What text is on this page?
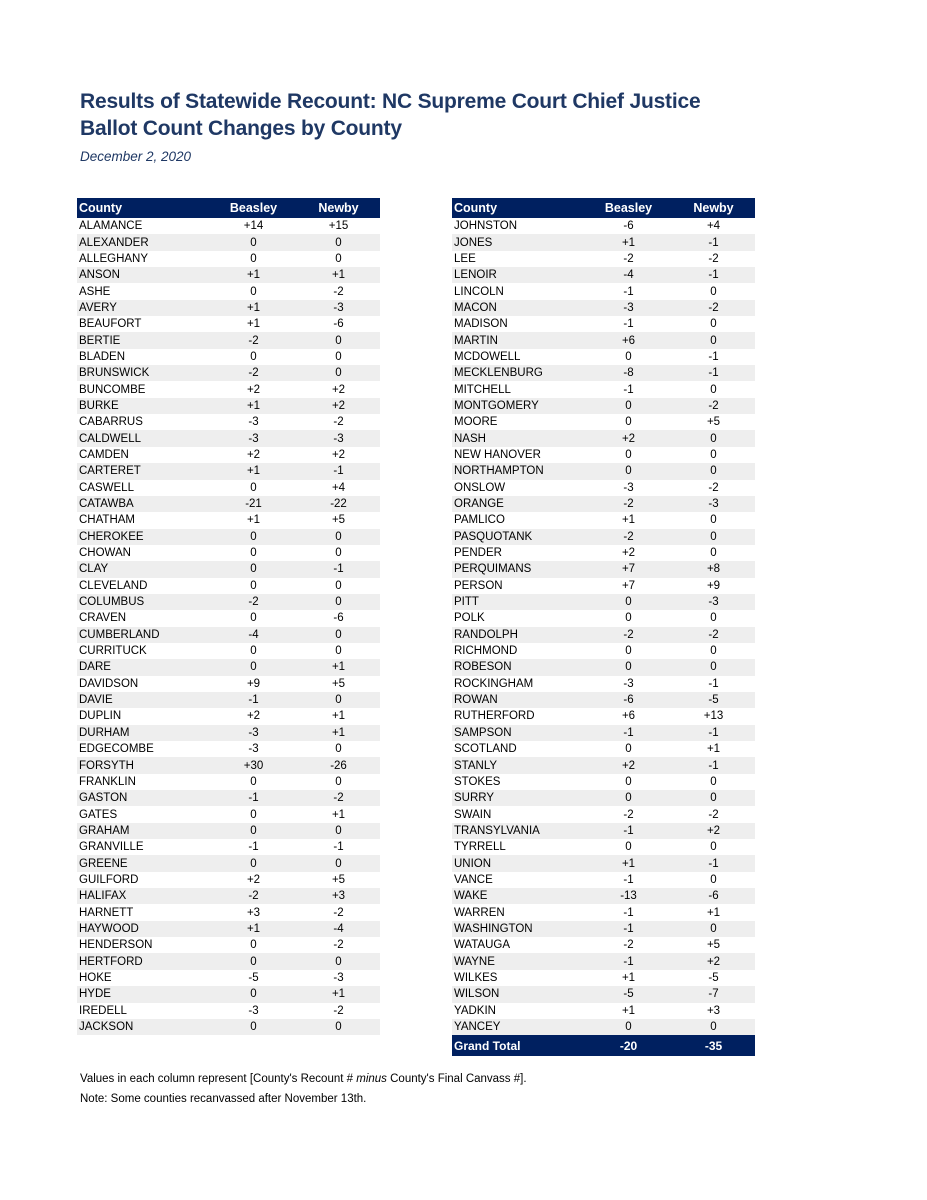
Results of Statewide Recount: NC Supreme Court Chief Justice
Ballot Count Changes by County
December 2, 2020
County	Beasley	Newby
ALAMANCE	+14	+15
ALEXANDER	0	0
ALLEGHANY	0	0
ANSON	+1	+1
ASHE	0	-2
AVERY	+1	-3
BEAUFORT	+1	-6
BERTIE	-2	0
BLADEN	0	0
BRUNSWICK	-2	0
BUNCOMBE	+2	+2
BURKE	+1	+2
CABARRUS	-3	-2
CALDWELL	-3	-3
CAMDEN	+2	+2
CARTERET	+1	-1
CASWELL	0	+4
CATAWBA	-21	-22
CHATHAM	+1	+5
CHEROKEE	0	0
CHOWAN	0	0
CLAY	0	-1
CLEVELAND	0	0
COLUMBUS	-2	0
CRAVEN	0	-6
CUMBERLAND	-4	0
CURRITUCK	0	0
DARE	0	+1
DAVIDSON	+9	+5
DAVIE	-1	0
DUPLIN	+2	+1
DURHAM	-3	+1
EDGECOMBE	-3	0
FORSYTH	+30	-26
FRANKLIN	0	0
GASTON	-1	-2
GATES	0	+1
GRAHAM	0	0
GRANVILLE	-1	-1
GREENE	0	0
GUILFORD	+2	+5
HALIFAX	-2	+3
HARNETT	+3	-2
HAYWOOD	+1	-4
HENDERSON	0	-2
HERTFORD	0	0
HOKE	-5	-3
HYDE	0	+1
IREDELL	-3	-2
JACKSON	0	0
County	Beasley	Newby
JOHNSTON	-6	+4
JONES	+1	-1
LEE	-2	-2
LENOIR	-4	-1
LINCOLN	-1	0
MACON	-3	-2
MADISON	-1	0
MARTIN	+6	0
MCDOWELL	0	-1
MECKLENBURG	-8	-1
MITCHELL	-1	0
MONTGOMERY	0	-2
MOORE	0	+5
NASH	+2	0
NEW HANOVER	0	0
NORTHAMPTON	0	0
ONSLOW	-3	-2
ORANGE	-2	-3
PAMLICO	+1	0
PASQUOTANK	-2	0
PENDER	+2	0
PERQUIMANS	+7	+8
PERSON	+7	+9
PITT	0	-3
POLK	0	0
RANDOLPH	-2	-2
RICHMOND	0	0
ROBESON	0	0
ROCKINGHAM	-3	-1
ROWAN	-6	-5
RUTHERFORD	+6	+13
SAMPSON	-1	-1
SCOTLAND	0	+1
STANLY	+2	-1
STOKES	0	0
SURRY	0	0
SWAIN	-2	-2
TRANSYLVANIA	-1	+2
TYRRELL	0	0
UNION	+1	-1
VANCE	-1	0
WAKE	-13	-6
WARREN	-1	+1
WASHINGTON	-1	0
WATAUGA	-2	+5
WAYNE	-1	+2
WILKES	+1	-5
WILSON	-5	-7
YADKIN	+1	+3
YANCEY	0	0
Grand Total	-20	-35
Values in each column represent [County's Recount # minus County's Final Canvass #].
Note: Some counties recanvassed after November 13th.
